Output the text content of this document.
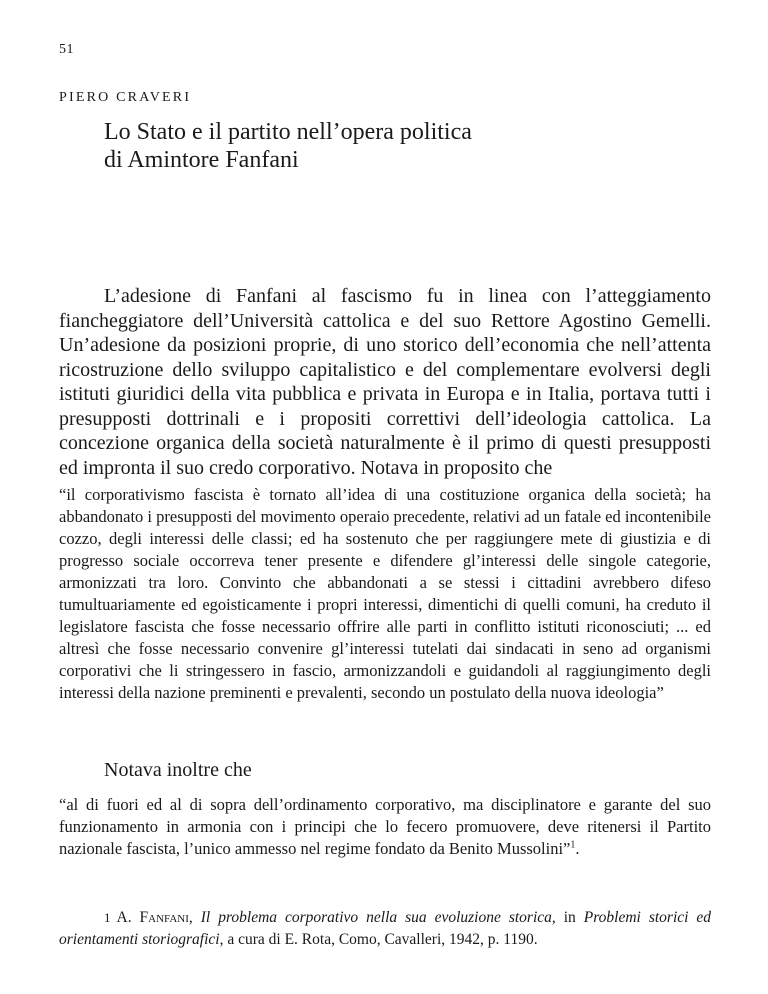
51
PIERO CRAVERI
Lo Stato e il partito nell’opera politica
di Amintore Fanfani

L’adesione di Fanfani al fascismo fu in linea con l’atteggiamento fiancheggiatore dell’Università cattolica e del suo Rettore Agostino Gemelli. Un’adesione da posizioni proprie, di uno storico dell’economia che nell’attenta ricostruzione dello sviluppo capitalistico e del complementare evolversi degli istituti giuridici della vita pubblica e privata in Europa e in Italia, portava tutti i presupposti dottrinali e i propositi correttivi dell’ideologia cattolica. La concezione organica della società naturalmente è il primo di questi presupposti ed impronta il suo credo corporativo. Notava in proposito che

“il corporativismo fascista è tornato all’idea di una costituzione organica della società; ha abbandonato i presupposti del movimento operaio precedente, relativi ad un fatale ed incontenibile cozzo, degli interessi delle classi; ed ha sostenuto che per raggiungere mete di giustizia e di progresso sociale occorreva tener presente e difendere gl’interessi delle singole categorie, armonizzati tra loro. Convinto che abbandonati a se stessi i cittadini avrebbero difeso tumultuariamente ed egoisticamente i propri interessi, dimentichi di quelli comuni, ha creduto il legislatore fascista che fosse necessario offrire alle parti in conflitto istituti riconosciuti; ... ed altresì che fosse necessario convenire gl’interessi tutelati dai sindacati in seno ad organismi corporativi che li stringessero in fascio, armonizzandoli e guidandoli al raggiungimento degli interessi della nazione preminenti e prevalenti, secondo un postulato della nuova ideologia”

Notava inoltre che

“al di fuori ed al di sopra dell’ordinamento corporativo, ma disciplinatore e garante del suo funzionamento in armonia con i principi che lo fecero promuovere, deve ritenersi il Partito nazionale fascista, l’unico ammesso nel regime fondato da Benito Mussolini”$^1$.

1 A. Fanfani, Il problema corporativo nella sua evoluzione storica, in Problemi storici ed orientamenti storiografici, a cura di E. Rota, Como, Cavalleri, 1942, p. 1190.
